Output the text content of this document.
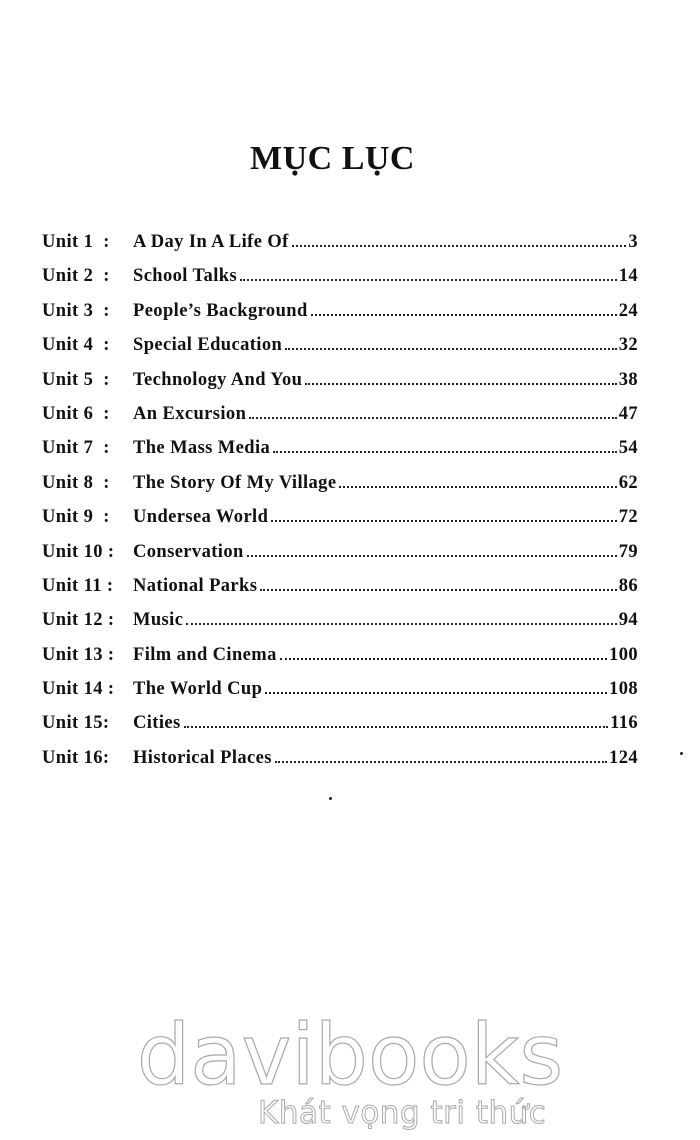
MỤC LỤC
Unit 1  :	A Day In A Life Of	3
Unit 2  :	School Talks	14
Unit 3  :	People’s Background	24
Unit 4  :	Special Education	32
Unit 5  :	Technology And You	38
Unit 6  :	An Excursion	47
Unit 7  :	The Mass Media	54
Unit 8  :	The Story Of My Village	62
Unit 9  :	Undersea World	72
Unit 10 :	Conservation	79
Unit 11 :	National Parks	86
Unit 12 :	Music	94
Unit 13 :	Film and Cinema	100
Unit 14 :	The World Cup	108
Unit 15:	Cities	116
Unit 16:	Historical Places	124
davibooks
Khát vọng tri thức
